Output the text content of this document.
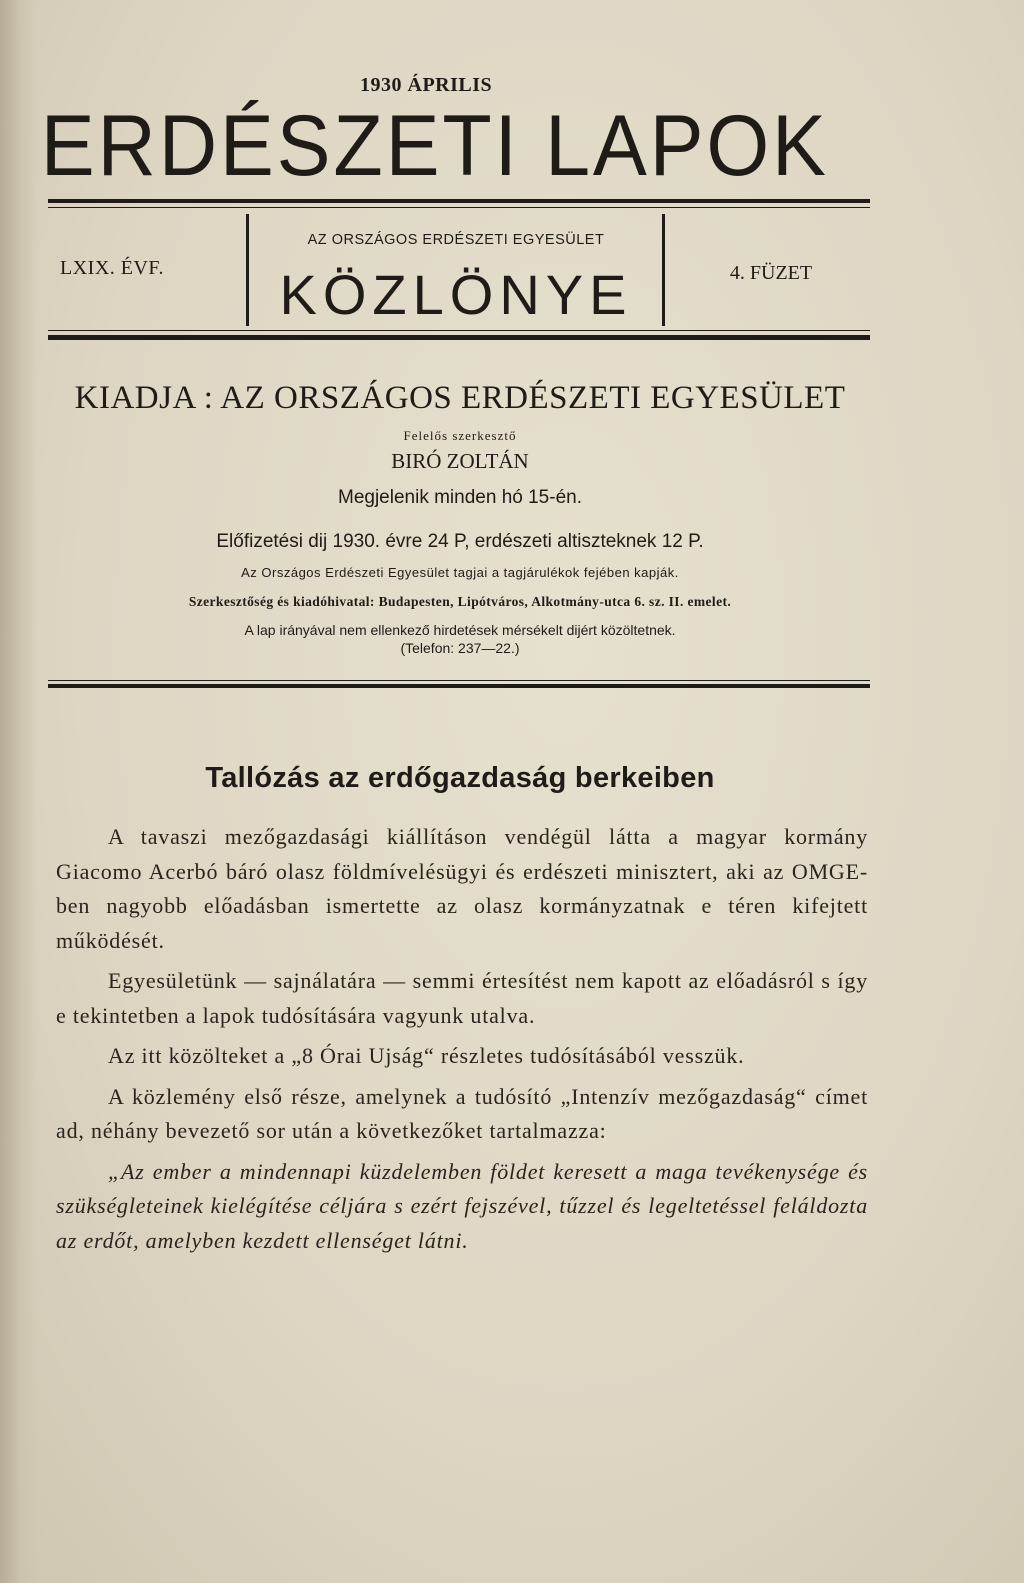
1930 ÁPRILIS
ERDÉSZETI LAPOK
LXIX. ÉVF.
AZ ORSZÁGOS ERDÉSZETI EGYESÜLET
KÖZLÖNYE	4. FÜZET
KIADJA : AZ ORSZÁGOS ERDÉSZETI EGYESÜLET
Felelős szerkesztő
BIRÓ ZOLTÁN
Megjelenik minden hó 15-én.
Előfizetési dij 1930. évre 24 P, erdészeti altiszteknek 12 P.
Az Országos Erdészeti Egyesület tagjai a tagjárulékok fejében kapják.
Szerkesztőség és kiadóhivatal: Budapesten, Lipótváros, Alkotmány-utca 6. sz. II. emelet.
A lap irányával nem ellenkező hirdetések mérsékelt dijért közöltetnek.
(Telefon: 237—22.)
Tallózás az erdőgazdaság berkeiben

A tavaszi mezőgazdasági kiállításon vendégül látta a magyar kormány Giacomo Acerbó báró olasz földmívelésügyi és erdészeti minisztert, aki az OMGE-ben nagyobb előadásban ismertette az olasz kormányzatnak e téren kifejtett működését.

Egyesületünk — sajnálatára — semmi értesítést nem kapott az előadásról s így e tekintetben a lapok tudósítására vagyunk utalva.

Az itt közölteket a „8 Órai Ujság“ részletes tudósításából vesszük.

A közlemény első része, amelynek a tudósító „Intenzív mezőgazdaság“ címet ad, néhány bevezető sor után a következőket tartalmazza:

„Az ember a mindennapi küzdelemben földet keresett a maga tevékenysége és szükségleteinek kielégítése céljára s ezért fejszével, tűzzel és legeltetéssel feláldozta az erdőt, amelyben kezdett ellenséget látni.
